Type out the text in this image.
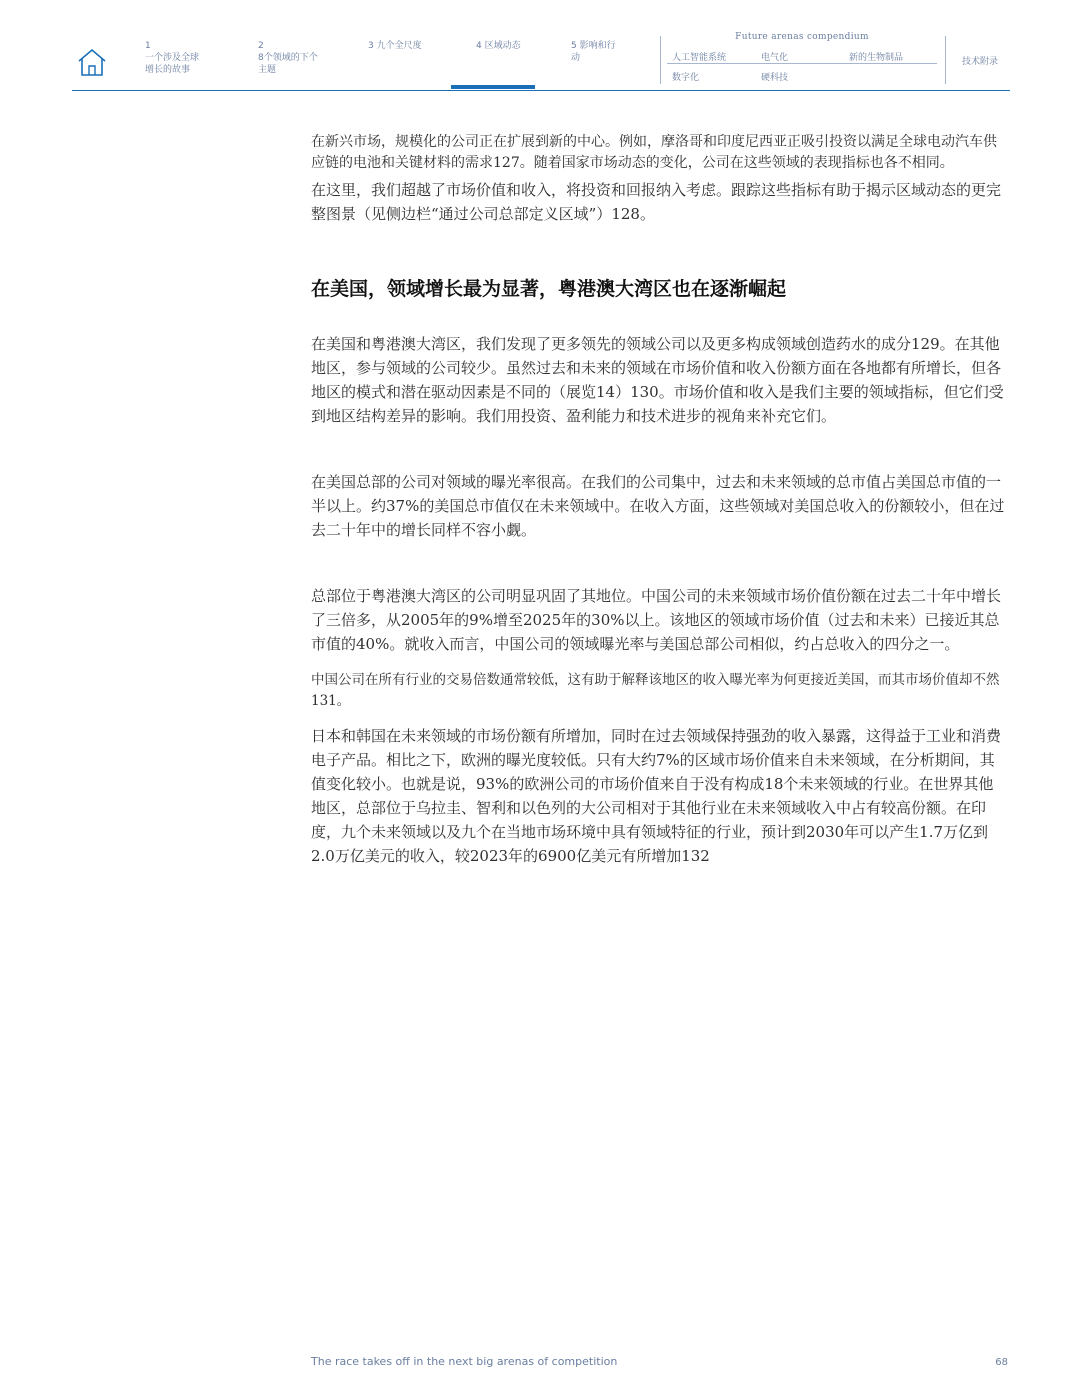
1
一个涉及全球增长的故事
2
8个领域的下个主题
3 九个全尺度	4 区域动态	5 影响和行动
Future arenas compendium
人工智能系统	电气化	新的生物制品
数字化	硬科技
技术附录

在新兴市场，规模化的公司正在扩展到新的中心。例如，摩洛哥和印度尼西亚正吸引投资以满足全球电动汽车供应链的电池和关键材料的需求127。随着国家市场动态的变化，公司在这些领域的表现指标也各不相同。

在这里，我们超越了市场价值和收入，将投资和回报纳入考虑。跟踪这些指标有助于揭示区域动态的更完整图景（见侧边栏“通过公司总部定义区域”）128。

在美国，领域增长最为显著，粤港澳大湾区也在逐渐崛起

在美国和粤港澳大湾区，我们发现了更多领先的领域公司以及更多构成领域创造药水的成分129。在其他地区，参与领域的公司较少。虽然过去和未来的领域在市场价值和收入份额方面在各地都有所增长，但各地区的模式和潜在驱动因素是不同的（展览14）130。市场价值和收入是我们主要的领域指标，但它们受到地区结构差异的影响。我们用投资、盈利能力和技术进步的视角来补充它们。

在美国总部的公司对领域的曝光率很高。在我们的公司集中，过去和未来领域的总市值占美国总市值的一半以上。约37%的美国总市值仅在未来领域中。在收入方面，这些领域对美国总收入的份额较小，但在过去二十年中的增长同样不容小觑。

总部位于粤港澳大湾区的公司明显巩固了其地位。中国公司的未来领域市场价值份额在过去二十年中增长了三倍多，从2005年的9%增至2025年的30%以上。该地区的领域市场价值（过去和未来）已接近其总市值的40%。就收入而言，中国公司的领域曝光率与美国总部公司相似，约占总收入的四分之一。

中国公司在所有行业的交易倍数通常较低，这有助于解释该地区的收入曝光率为何更接近美国，而其市场价值却不然131。

日本和韩国在未来领域的市场份额有所增加，同时在过去领域保持强劲的收入暴露，这得益于工业和消费电子产品。相比之下，欧洲的曝光度较低。只有大约7%的区域市场价值来自未来领域，在分析期间，其值变化较小。也就是说，93%的欧洲公司的市场价值来自于没有构成18个未来领域的行业。在世界其他地区，总部位于乌拉圭、智利和以色列的大公司相对于其他行业在未来领域收入中占有较高份额。在印度，九个未来领域以及九个在当地市场环境中具有领域特征的行业，预计到2030年可以产生1.7万亿到2.0万亿美元的收入，较2023年的6900亿美元有所增加132

The race takes off in the next big arenas of competition	68
